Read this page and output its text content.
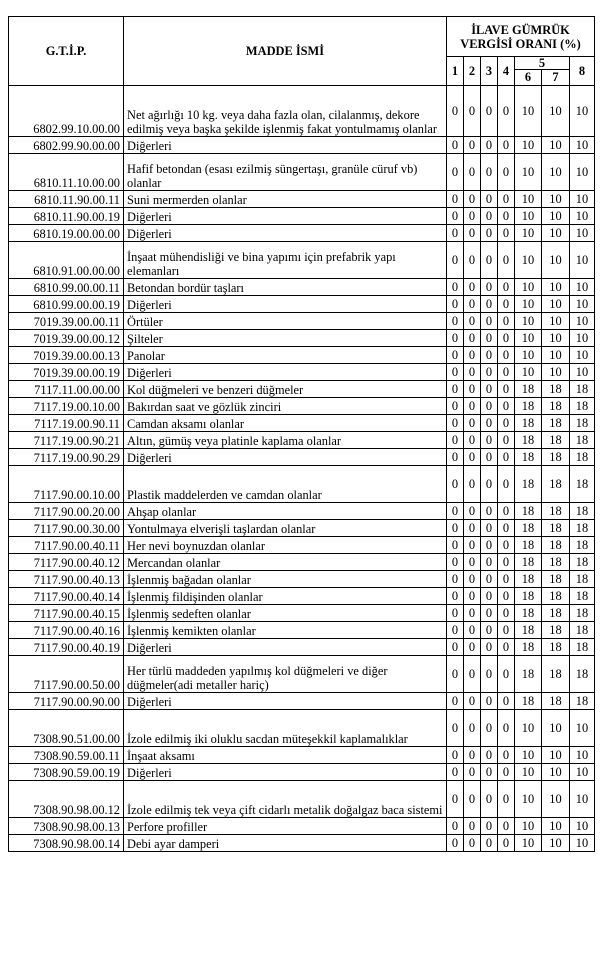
G.T.İ.P.	MADDE İSMİ	İLAVE GÜMRÜK
VERGİSİ ORANI (%)						

		1	2	3	4	5		8
						6	7	
6802.99.10.00.00	Net ağırlığı 10 kg. veya daha fazla olan, cilalanmış, dekore edilmiş veya başka şekilde işlenmiş fakat yontulmamış olanlar	0	0	0	0	10	10	10
6802.99.90.00.00	Diğerleri	0	0	0	0	10	10	10
6810.11.10.00.00	Hafif betondan (esası ezilmiş süngertaşı, granüle cüruf vb) olanlar	0	0	0	0	10	10	10
6810.11.90.00.11	Suni mermerden olanlar	0	0	0	0	10	10	10
6810.11.90.00.19	Diğerleri	0	0	0	0	10	10	10
6810.19.00.00.00	Diğerleri	0	0	0	0	10	10	10
6810.91.00.00.00	İnşaat mühendisliği ve bina yapımı için prefabrik yapı elemanları	0	0	0	0	10	10	10
6810.99.00.00.11	Betondan bordür taşları	0	0	0	0	10	10	10
6810.99.00.00.19	Diğerleri	0	0	0	0	10	10	10
7019.39.00.00.11	Örtüler	0	0	0	0	10	10	10
7019.39.00.00.12	Şilteler	0	0	0	0	10	10	10
7019.39.00.00.13	Panolar	0	0	0	0	10	10	10
7019.39.00.00.19	Diğerleri	0	0	0	0	10	10	10
7117.11.00.00.00	Kol düğmeleri ve benzeri düğmeler	0	0	0	0	18	18	18
7117.19.00.10.00	Bakırdan saat ve gözlük zinciri	0	0	0	0	18	18	18
7117.19.00.90.11	Camdan aksamı olanlar	0	0	0	0	18	18	18
7117.19.00.90.21	Altın, gümüş veya platinle kaplama olanlar	0	0	0	0	18	18	18
7117.19.00.90.29	Diğerleri	0	0	0	0	18	18	18
7117.90.00.10.00	Plastik maddelerden ve camdan olanlar	0	0	0	0	18	18	18
7117.90.00.20.00	Ahşap olanlar	0	0	0	0	18	18	18
7117.90.00.30.00	Yontulmaya elverişli taşlardan olanlar	0	0	0	0	18	18	18
7117.90.00.40.11	Her nevi boynuzdan olanlar	0	0	0	0	18	18	18
7117.90.00.40.12	Mercandan olanlar	0	0	0	0	18	18	18
7117.90.00.40.13	İşlenmiş bağadan olanlar	0	0	0	0	18	18	18
7117.90.00.40.14	İşlenmiş fildişinden olanlar	0	0	0	0	18	18	18
7117.90.00.40.15	İşlenmiş sedeften olanlar	0	0	0	0	18	18	18
7117.90.00.40.16	İşlenmiş kemikten olanlar	0	0	0	0	18	18	18
7117.90.00.40.19	Diğerleri	0	0	0	0	18	18	18
7117.90.00.50.00	Her türlü maddeden yapılmış kol düğmeleri ve diğer düğmeler(adi metaller hariç)	0	0	0	0	18	18	18
7117.90.00.90.00	Diğerleri	0	0	0	0	18	18	18
7308.90.51.00.00	İzole edilmiş iki oluklu sacdan müteşekkil kaplamalıklar	0	0	0	0	10	10	10
7308.90.59.00.11	İnşaat aksamı	0	0	0	0	10	10	10
7308.90.59.00.19	Diğerleri	0	0	0	0	10	10	10
7308.90.98.00.12	İzole edilmiş tek veya çift cidarlı metalik doğalgaz baca sistemi	0	0	0	0	10	10	10
7308.90.98.00.13	Perfore profiller	0	0	0	0	10	10	10
7308.90.98.00.14	Debi ayar damperi	0	0	0	0	10	10	10
